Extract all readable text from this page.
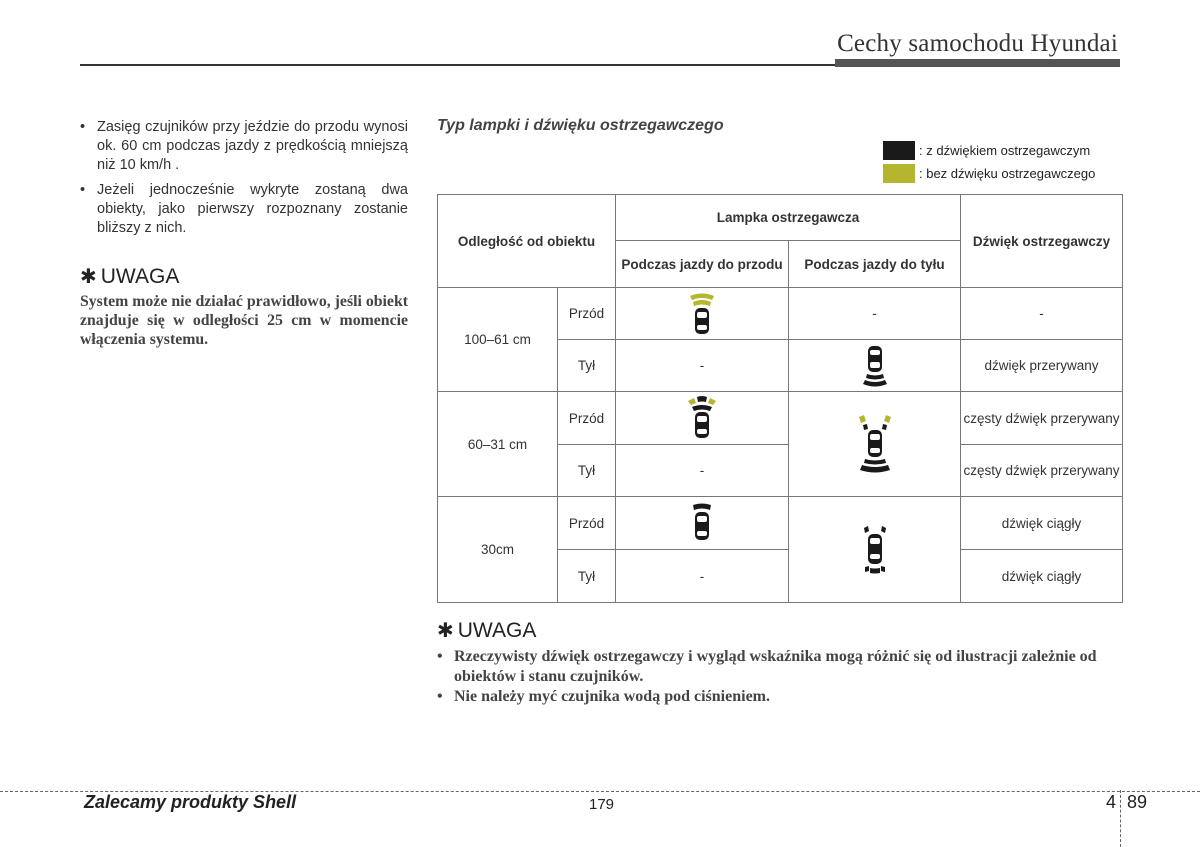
Cechy samochodu Hyundai
• Zasięg czujników przy jeździe do przodu wynosi ok. 60 cm podczas jazdy z prędkością mniejszą niż 10 km/h .
• Jeżeli jednocześnie wykryte zostaną dwa obiekty, jako pierwszy rozpoznany zostanie bliższy z nich.
✱ UWAGA
System może nie działać prawidłowo, jeśli obiekt znajduje się w odległości 25 cm w momencie włączenia systemu.
Typ lampki i dźwięku ostrzegawczego
: z dźwiękiem ostrzegawczym
: bez dźwięku ostrzegawczego
Odległość od obiektu		Lampka ostrzegawcza		Dźwięk ostrzegawczy
		Podczas jazdy do przodu	Podczas jazdy do tyłu	
100–61 cm	Przód		-	-
	Tył	-		dźwięk przerywany
60–31 cm	Przód			częsty dźwięk przerywany
	Tył	-		częsty dźwięk przerywany
30cm	Przód			dźwięk ciągły
	Tył	-		dźwięk ciągły
✱ UWAGA
• Rzeczywisty dźwięk ostrzegawczy i wygląd wskaźnika mogą różnić się od ilustracji zależnie od obiektów i stanu czujników.
• Nie należy myć czujnika wodą pod ciśnieniem.
Zalecamy produkty Shell	179	4 89
